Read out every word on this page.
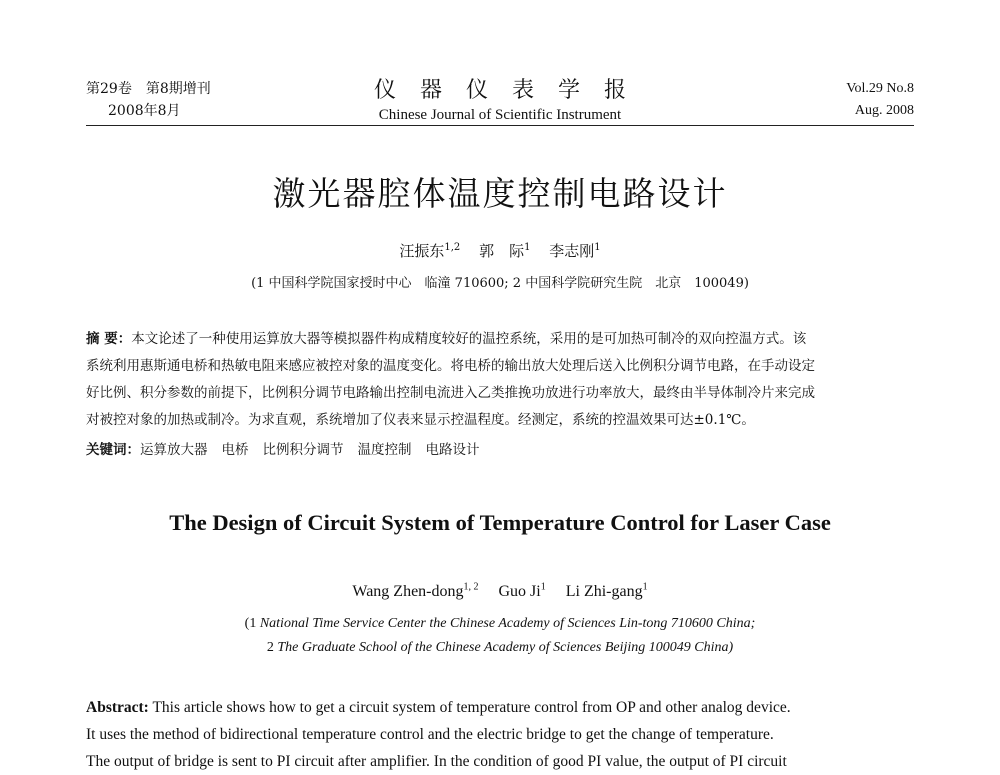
第29卷　第8期增刊
2008年8月
仪器仪表学报
Chinese Journal of Scientific Instrument
Vol.29 No.8
Aug. 2008
激光器腔体温度控制电路设计
汪振东$^{1,2}$ 郭　际$^1$ 李志刚$^1$
(1 中国科学院国家授时中心　临潼 710600; 2 中国科学院研究生院　北京　100049)
摘 要：本文论述了一种使用运算放大器等模拟器件构成精度较好的温控系统，采用的是可加热可制冷的双向控温方式。该
系统利用惠斯通电桥和热敏电阻来感应被控对象的温度变化。将电桥的输出放大处理后送入比例积分调节电路，在手动设定
好比例、积分参数的前提下，比例积分调节电路输出控制电流进入乙类推挽功放进行功率放大，最终由半导体制冷片来完成
对被控对象的加热或制冷。为求直观，系统增加了仪表来显示控温程度。经测定，系统的控温效果可达±0.1℃。
关键词：运算放大器 电桥 比例积分调节 温度控制 电路设计
The Design of Circuit System of Temperature Control for Laser Case
Wang Zhen-dong$^{1, 2}$ Guo Ji$^1$ Li Zhi-gang$^1$
(1 National Time Service Center the Chinese Academy of Sciences Lin-tong 710600 China;
2 The Graduate School of the Chinese Academy of Sciences Beijing 100049 China)
Abstract: This article shows how to get a circuit system of temperature control from OP and other analog device.
It uses the method of bidirectional temperature control and the electric bridge to get the change of temperature.
The output of bridge is sent to PI circuit after amplifier. In the condition of good PI value, the output of PI circuit
